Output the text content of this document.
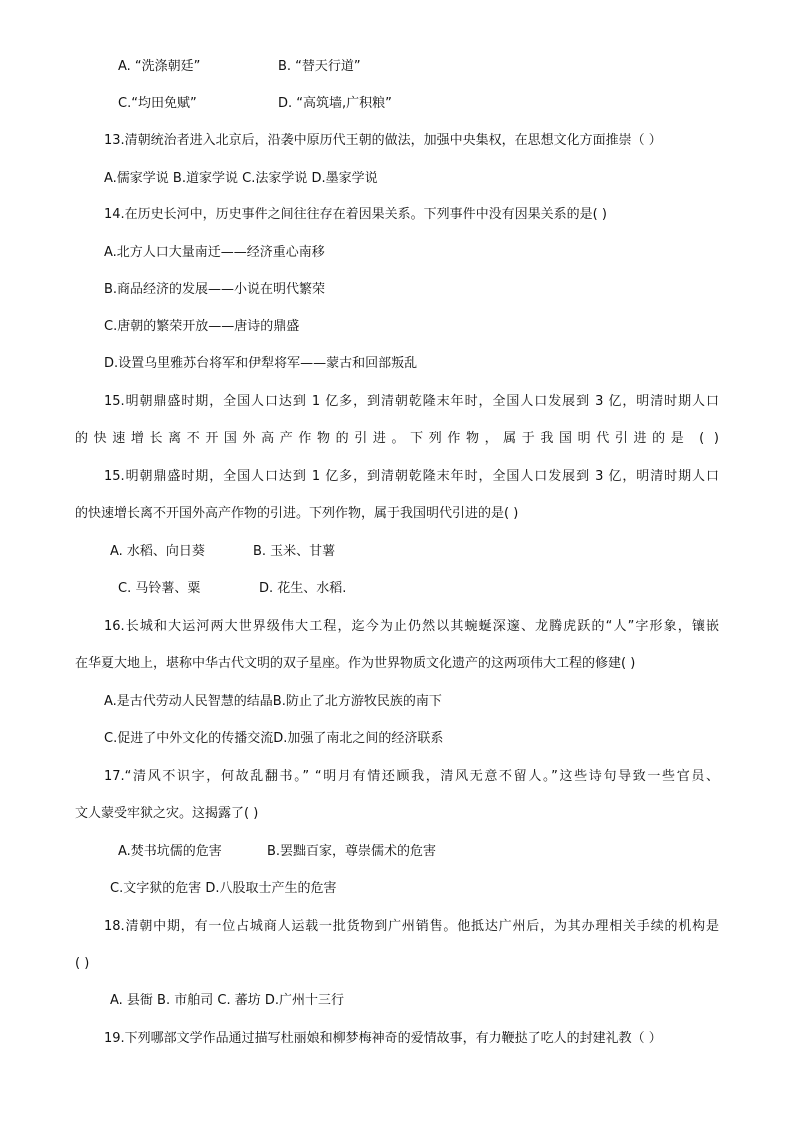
A. “洗涤朝廷”	B. “替天行道”
C.“均田免赋”	D. “高筑墙,广积粮”
13.清朝统治者进入北京后，沿袭中原历代王朝的做法，加强中央集权，在思想文化方面推崇（ ）
A.儒家学说 B.道家学说 C.法家学说 D.墨家学说
14.在历史长河中，历史事件之间往往存在着因果关系。下列事件中没有因果关系的是( )
A.北方人口大量南迁——经济重心南移
B.商品经济的发展——小说在明代繁荣
C.唐朝的繁荣开放——唐诗的鼎盛
D.设置乌里雅苏台将军和伊犁将军——蒙古和回部叛乱
15.明朝鼎盛时期，全国人口达到 1 亿多，到清朝乾隆末年时，全国人口发展到 3 亿，明清时期人口
的快速增长离不开国外高产作物的引进。下列作物，属于我国明代引进的是 ( )
15.明朝鼎盛时期，全国人口达到 1 亿多，到清朝乾隆末年时，全国人口发展到 3 亿，明清时期人口
的快速增长离不开国外高产作物的引进。下列作物，属于我国明代引进的是( )
A. 水稻、向日葵	B. 玉米、甘薯
C. 马铃薯、粟	D. 花生、水稻.
16.长城和大运河两大世界级伟大工程，迄今为止仍然以其蜿蜒深邃、龙腾虎跃的“人”字形象，镶嵌
在华夏大地上，堪称中华古代文明的双子星座。作为世界物质文化遗产的这两项伟大工程的修建( )
A.是古代劳动人民智慧的结晶B.防止了北方游牧民族的南下
C.促进了中外文化的传播交流D.加强了南北之间的经济联系
17.“清风不识字，何故乱翻书。” “明月有情还顾我，清风无意不留人。”这些诗句导致一些官员、
文人蒙受牢狱之灾。这揭露了( )
A.焚书坑儒的危害	B.罢黜百家，尊崇儒术的危害
C.文字狱的危害 D.八股取士产生的危害
18.清朝中期，有一位占城商人运载一批货物到广州销售。他抵达广州后，为其办理相关手续的机构是
( )
A. 县衙 B. 市舶司 C. 蕃坊 D.广州十三行
19.下列哪部文学作品通过描写杜丽娘和柳梦梅神奇的爱情故事，有力鞭挞了吃人的封建礼教（ ）
